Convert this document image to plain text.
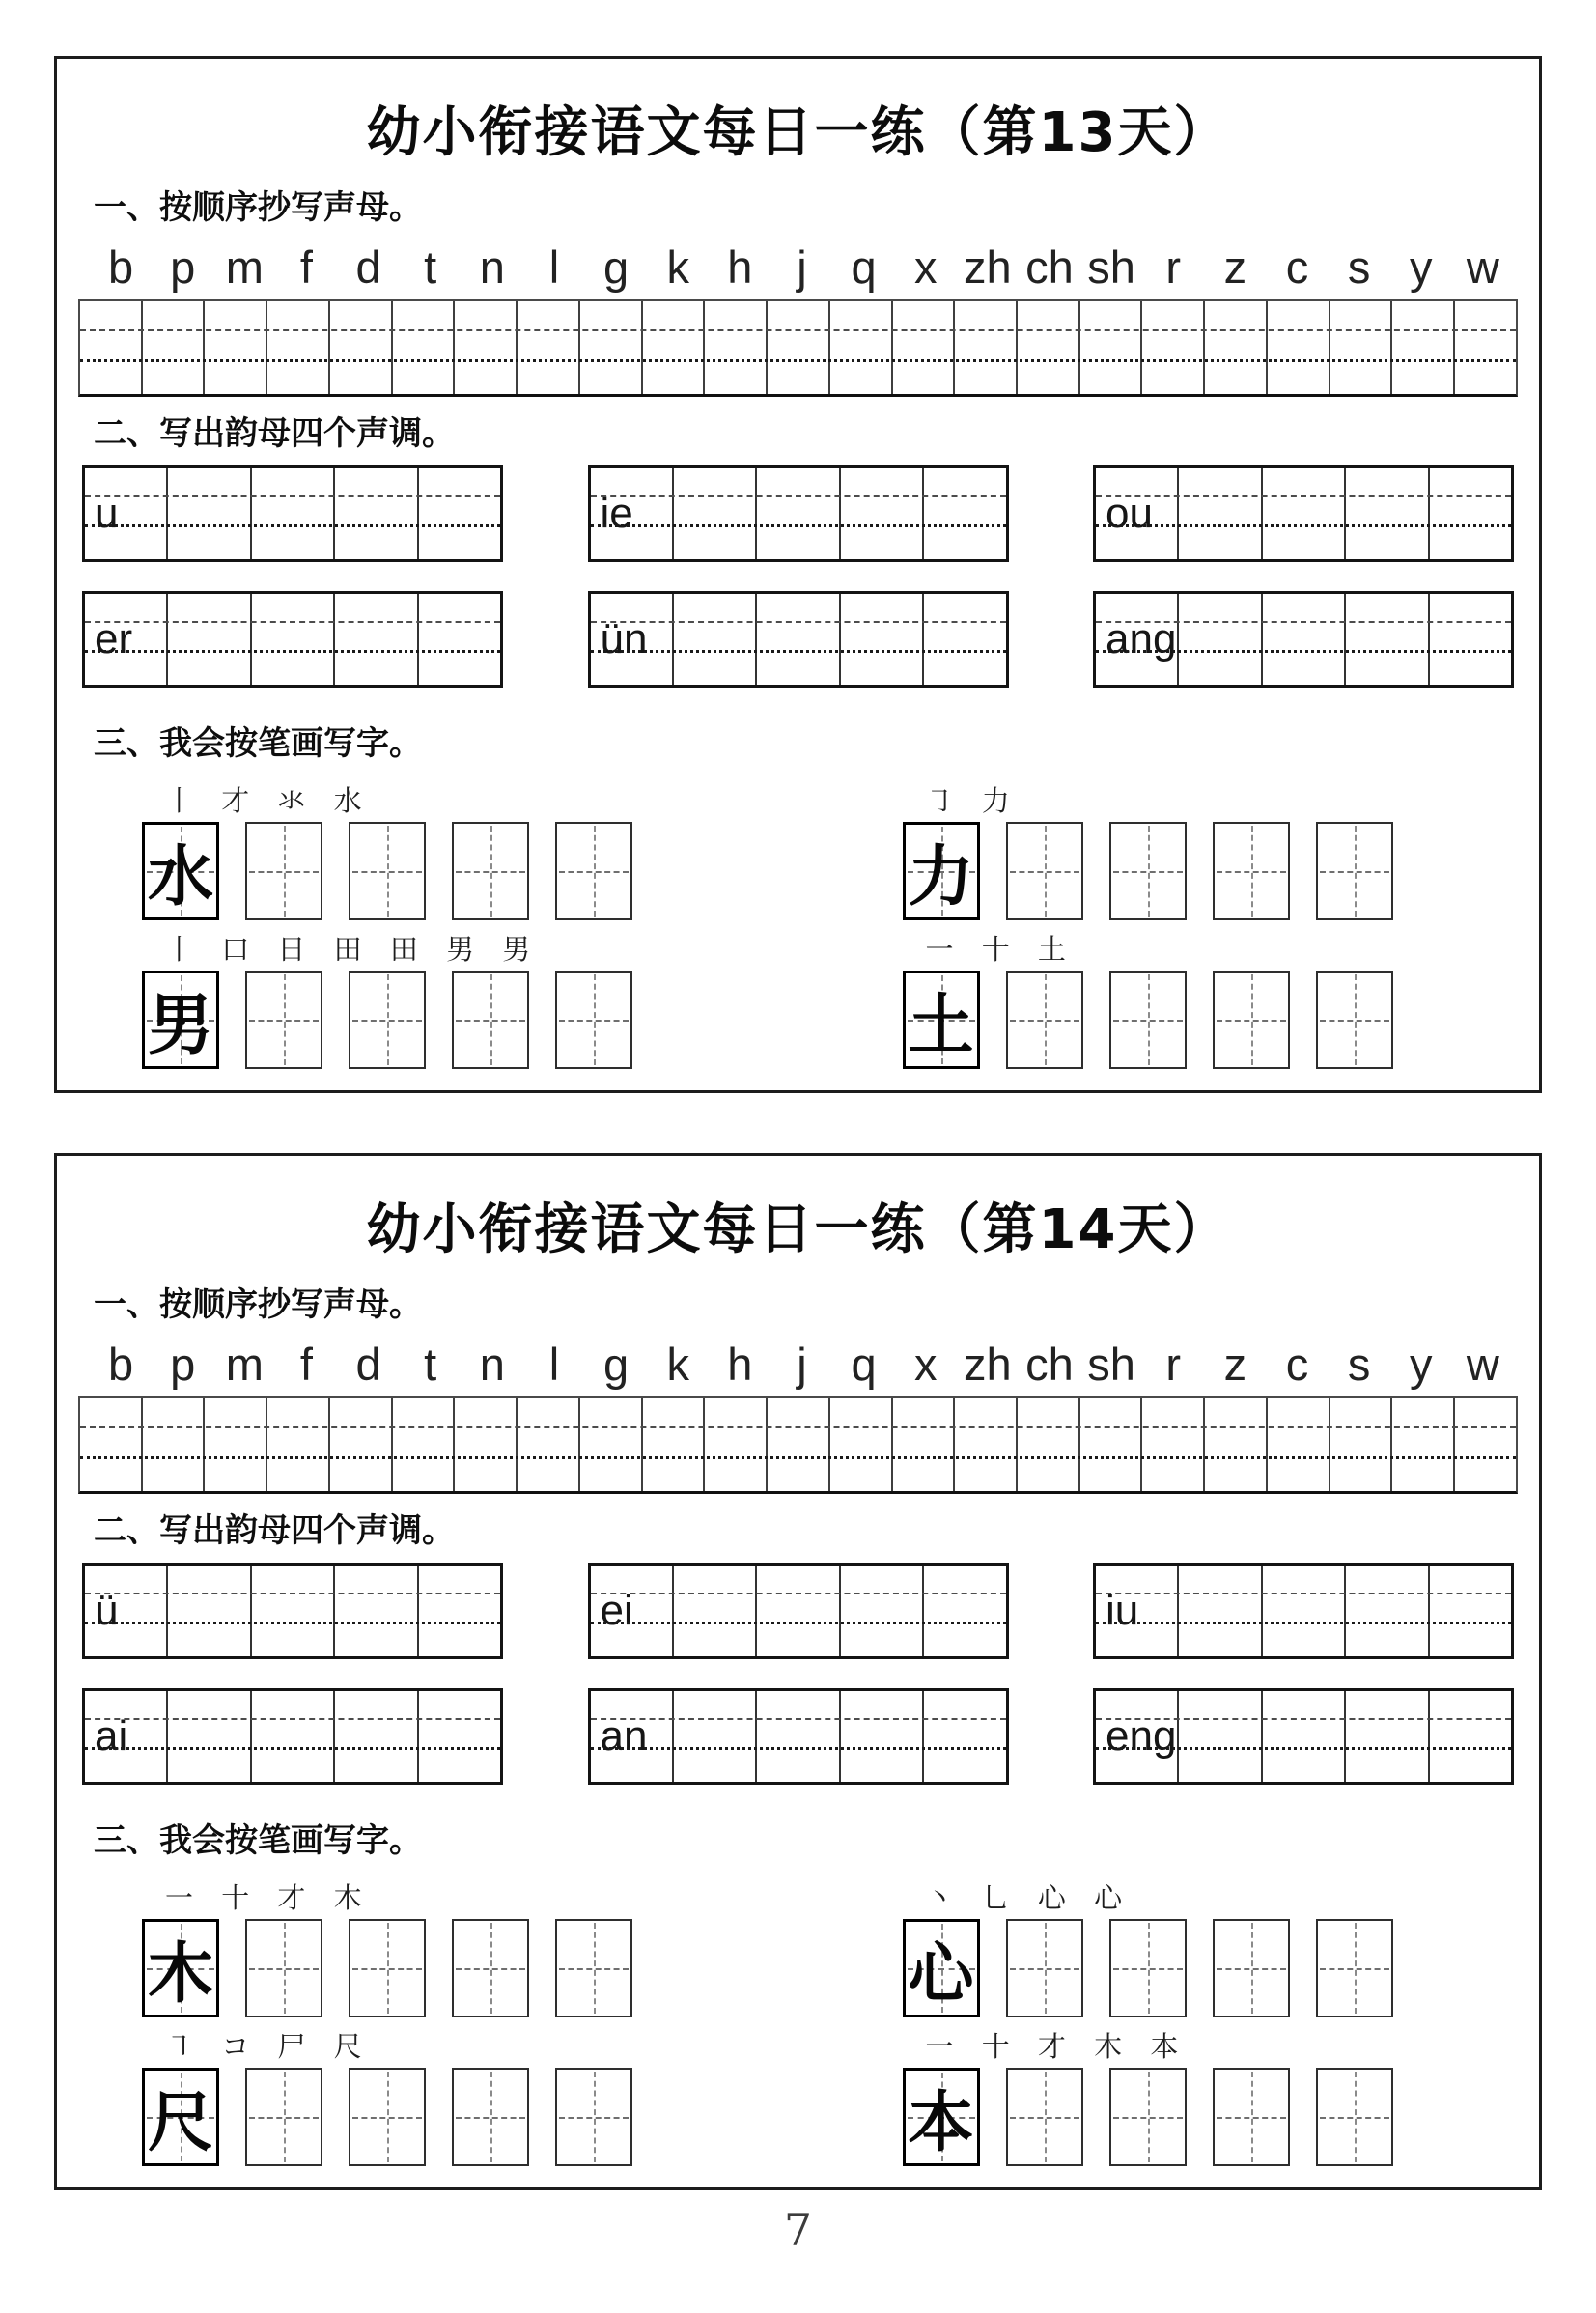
幼小衔接语文每日一练（第13天）
一、按顺序抄写声母。
b p m f d t n l g k h j q x zh ch sh r z c s y w
二、写出韵母四个声调。
u	ie	ou
er	ün	ang
三、我会按笔画写字。
丨 才 氺 水
水
㇆ 力
力
丨 口 日 田 田 男 男
男
一 十 土
土
幼小衔接语文每日一练（第14天）
一、按顺序抄写声母。
b p m f d t n l g k h j q x zh ch sh r z c s y w
二、写出韵母四个声调。
ü	ei	iu
ai	an	eng
三、我会按笔画写字。
一 十 才 木
木
丶 乚 心 心
心
㇕ コ 尸 尺
尺
一 十 才 木 本
本
7
